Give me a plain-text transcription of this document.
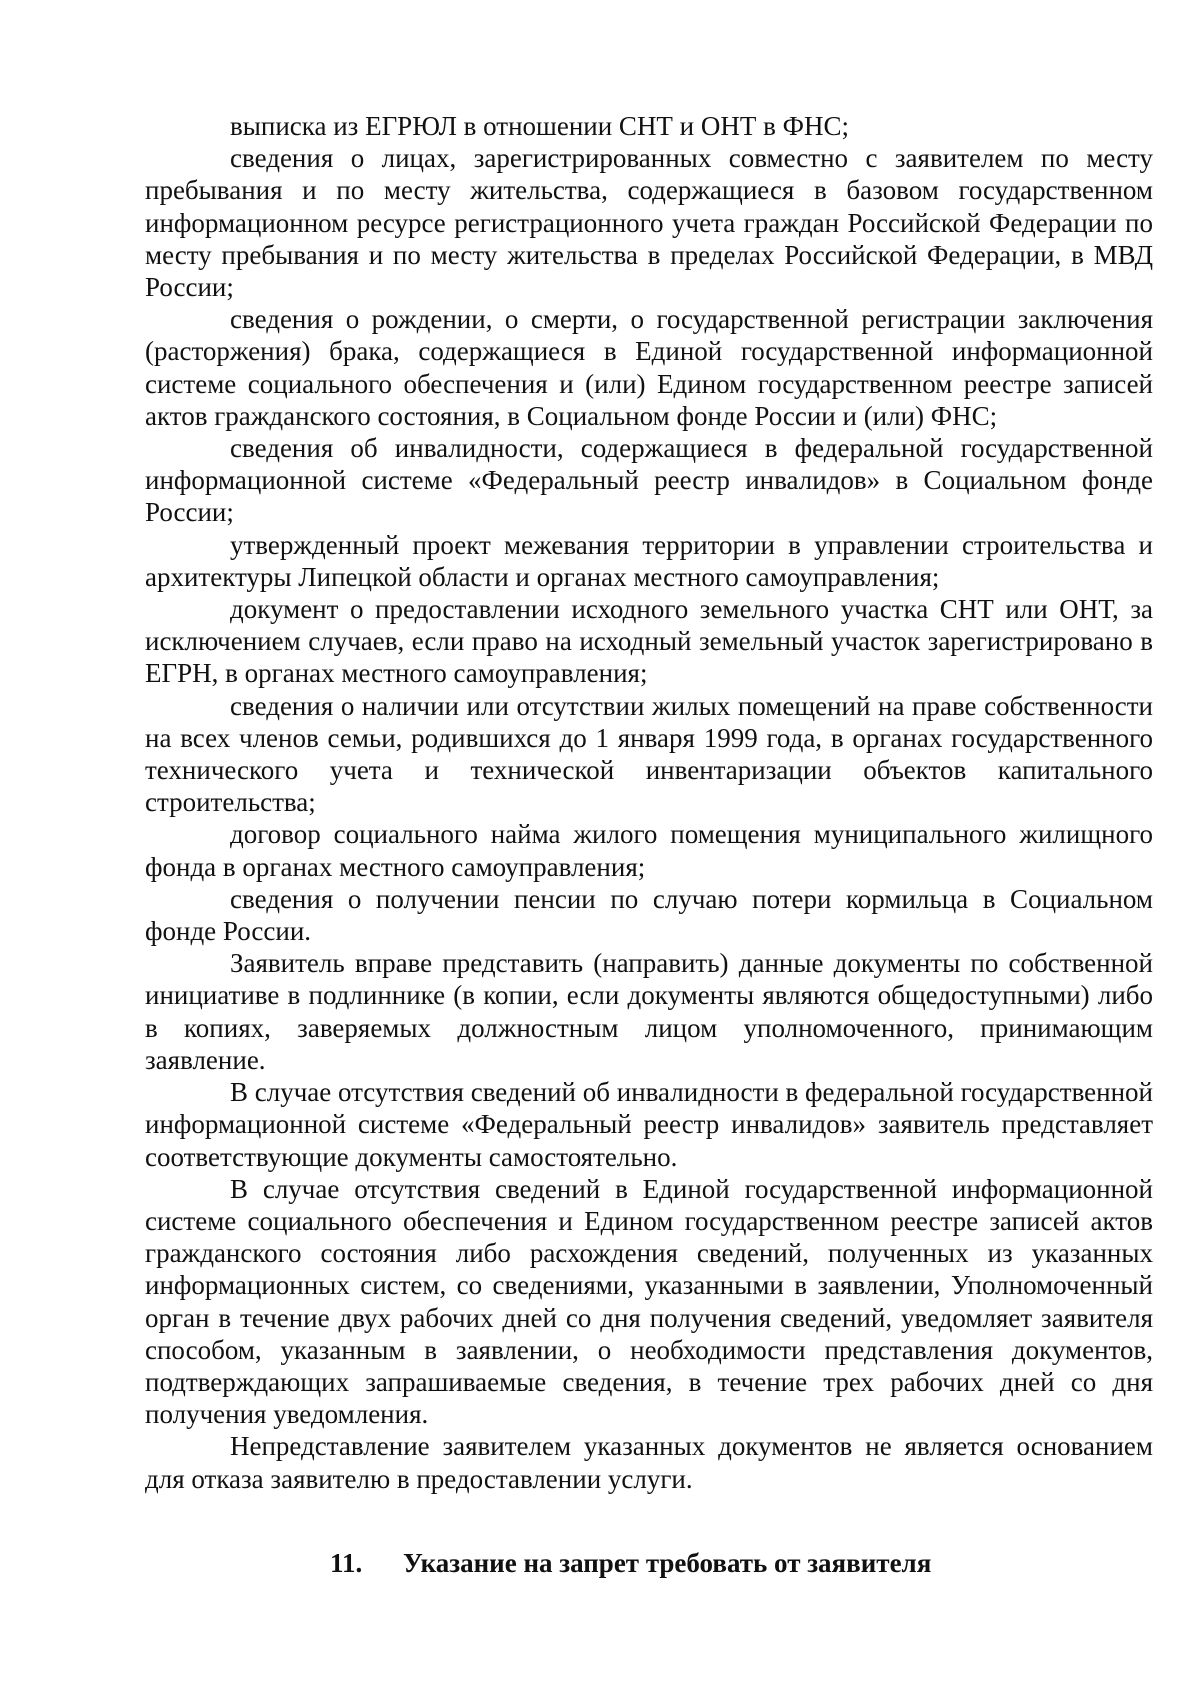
выписка из ЕГРЮЛ в отношении СНТ и ОНТ в ФНС;

сведения о лицах, зарегистрированных совместно с заявителем по месту пребывания и по месту жительства, содержащиеся в базовом государственном информационном ресурсе регистрационного учета граждан Российской Федерации по месту пребывания и по месту жительства в пределах Российской Федерации, в МВД России;

сведения о рождении, о смерти, о государственной регистрации заключения (расторжения) брака, содержащиеся в Единой государственной информационной системе социального обеспечения и (или) Едином государственном реестре записей актов гражданского состояния, в Социальном фонде России и (или) ФНС;

сведения об инвалидности, содержащиеся в федеральной государственной информационной системе «Федеральный реестр инвалидов» в Социальном фонде России;

утвержденный проект межевания территории в управлении строительства и архитектуры Липецкой области и органах местного самоуправления;

документ о предоставлении исходного земельного участка СНТ или ОНТ, за исключением случаев, если право на исходный земельный участок зарегистрировано в ЕГРН, в органах местного самоуправления;

сведения о наличии или отсутствии жилых помещений на праве собственности на всех членов семьи, родившихся до 1 января 1999 года, в органах государственного технического учета и технической инвентаризации объектов капитального строительства;

договор социального найма жилого помещения муниципального жилищного фонда в органах местного самоуправления;

сведения о получении пенсии по случаю потери кормильца в Социальном фонде России.

Заявитель вправе представить (направить) данные документы по собственной инициативе в подлиннике (в копии, если документы являются общедоступными) либо в копиях, заверяемых должностным лицом уполномоченного, принимающим заявление.

В случае отсутствия сведений об инвалидности в федеральной государственной информационной системе «Федеральный реестр инвалидов» заявитель представляет соответствующие документы самостоятельно.

В случае отсутствия сведений в Единой государственной информационной системе социального обеспечения и Едином государственном реестре записей актов гражданского состояния либо расхождения сведений, полученных из указанных информационных систем, со сведениями, указанными в заявлении, Уполномоченный орган в течение двух рабочих дней со дня получения сведений, уведомляет заявителя способом, указанным в заявлении, о необходимости представления документов, подтверждающих запрашиваемые сведения, в течение трех рабочих дней со дня получения уведомления.

Непредставление заявителем указанных документов не является основанием для отказа заявителю в предоставлении услуги.

11. Указание на запрет требовать от заявителя
